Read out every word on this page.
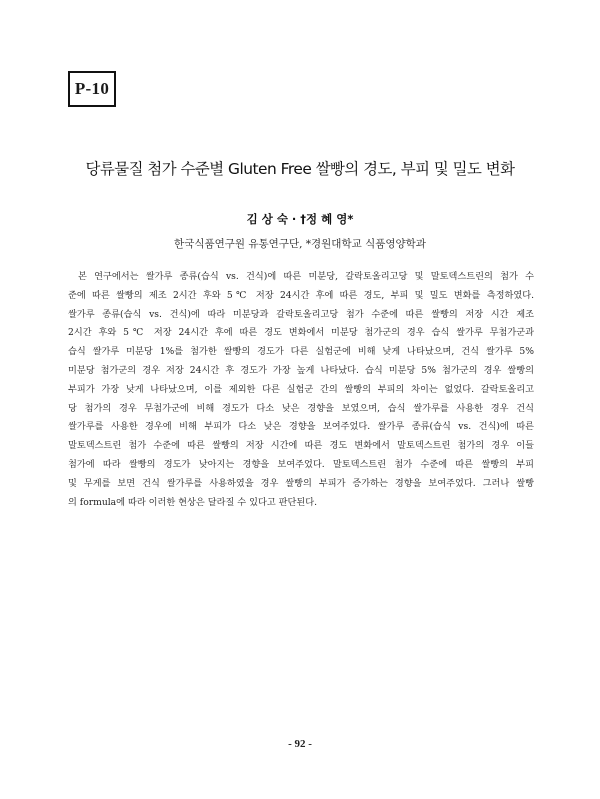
P-10
당류물질 첨가 수준별 Gluten Free 쌀빵의 경도, 부피 및 밀도 변화
김 상 숙 · †정 혜 영*
한국식품연구원 유통연구단, *경원대학교 식품영양학과
본 연구에서는 쌀가루 종류(습식 vs. 건식)에 따른 미분당, 갈락토올리고당 및 말토덱스트린의 첨가 수
준에 따른 쌀빵의 제조 2시간 후와 5℃ 저장 24시간 후에 따른 경도, 부피 및 밀도 변화를 측정하였다.
쌀가루 종류(습식 vs. 건식)에 따라 미분당과 갈락토올리고당 첨가 수준에 따른 쌀빵의 저장 시간 제조
2시간 후와 5℃ 저장 24시간 후에 따른 경도 변화에서 미분당 첨가군의 경우 습식 쌀가루 무첨가군과
습식 쌀가루 미분당 1%를 첨가한 쌀빵의 경도가 다른 실험군에 비해 낮게 나타났으며, 건식 쌀가루 5%
미분당 첨가군의 경우 저장 24시간 후 경도가 가장 높게 나타났다. 습식 미분당 5% 첨가군의 경우 쌀빵의
부피가 가장 낮게 나타났으며, 이를 제외한 다른 실험군 간의 쌀빵의 부피의 차이는 없었다. 갈락토올리고
당 첨가의 경우 무첨가군에 비해 경도가 다소 낮은 경향을 보였으며, 습식 쌀가루를 사용한 경우 건식
쌀가루를 사용한 경우에 비해 부피가 다소 낮은 경향을 보여주었다. 쌀가루 종류(습식 vs. 건식)에 따른
말토덱스트린 첨가 수준에 따른 쌀빵의 저장 시간에 따른 경도 변화에서 말토덱스트린 첨가의 경우 이들
첨가에 따라 쌀빵의 경도가 낮아지는 경향을 보여주었다. 말토덱스트린 첨가 수준에 따른 쌀빵의 부피
및 무게를 보면 건식 쌀가루를 사용하였을 경우 쌀빵의 부피가 증가하는 경향을 보여주었다. 그러나 쌀빵
의 formula에 따라 이러한 현상은 달라질 수 있다고 판단된다.
- 92 -
